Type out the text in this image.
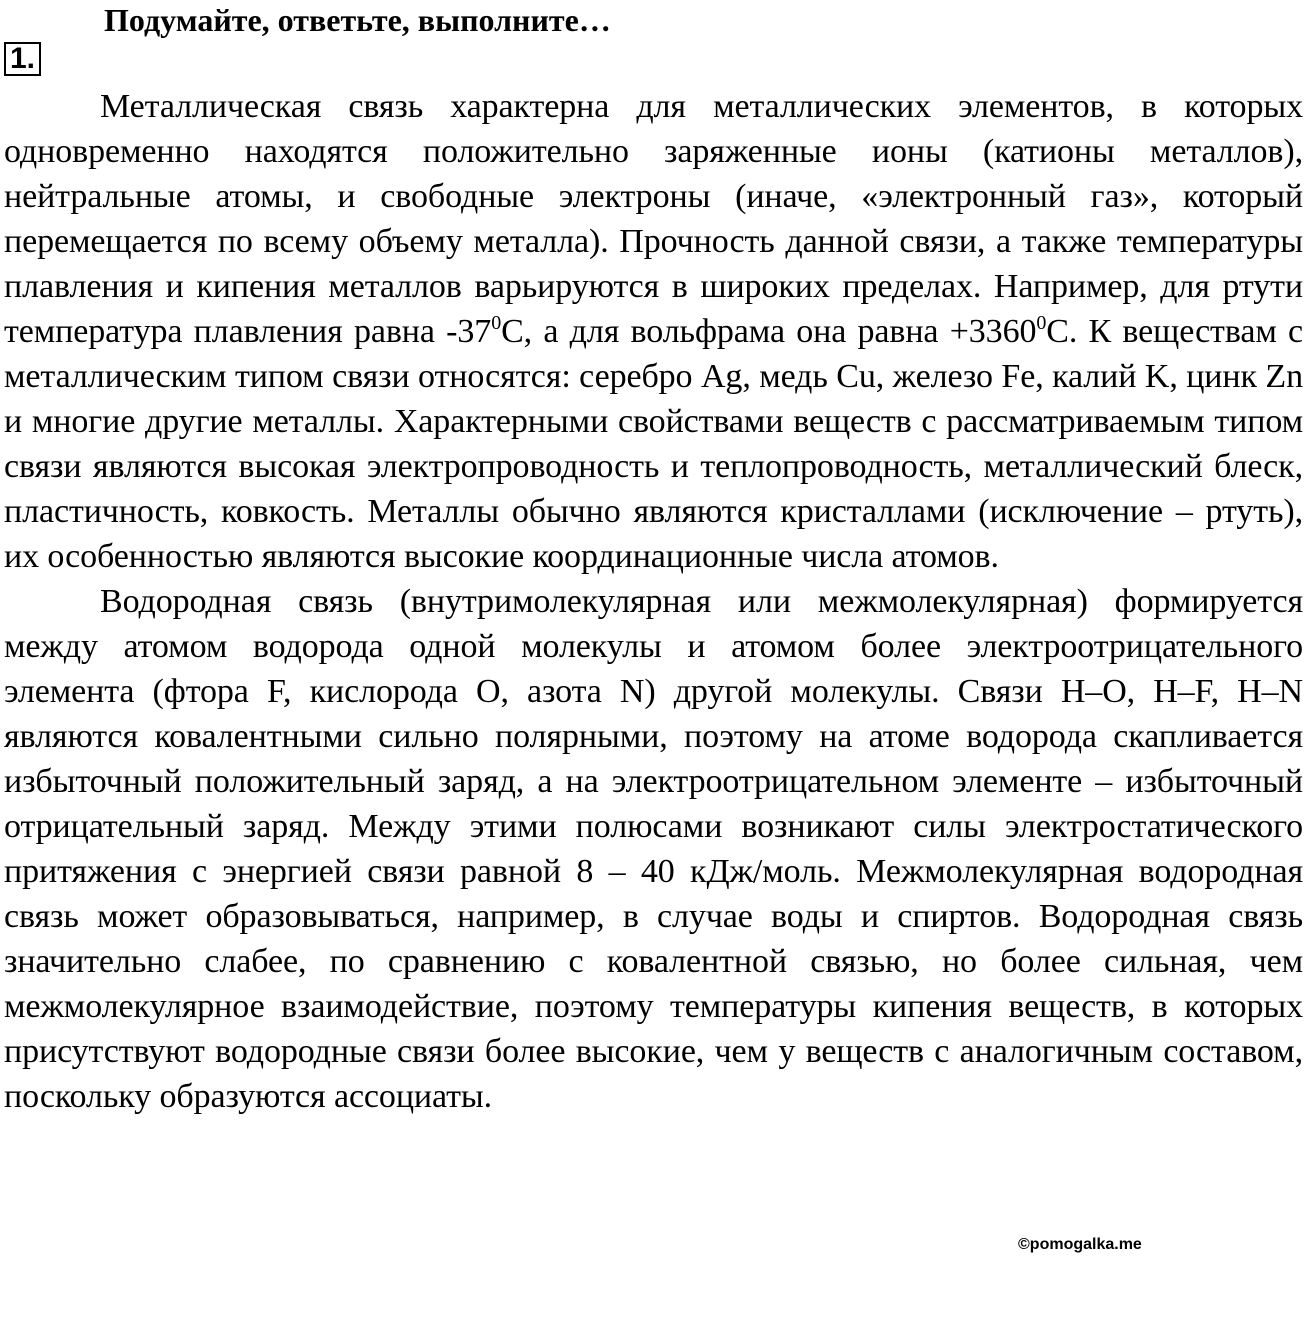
Подумайте, ответьте, выполните…
1.

Металлическая связь характерна для металлических элементов, в которых одновременно находятся положительно заряженные ионы (катионы металлов), нейтральные атомы, и свободные электроны (иначе, «электронный газ», который перемещается по всему объему металла). Прочность данной связи, а также температуры плавления и кипения металлов варьируются в широких пределах. Например, для ртути температура плавления равна $-37^0С$, а для вольфрама она равна $+3360^0С$. К веществам с металлическим типом связи относятся: серебро Ag, медь Cu, железо Fe, калий K, цинк Zn и многие другие металлы. Характерными свойствами веществ с рассматриваемым типом связи являются высокая электропроводность и теплопроводность, металлический блеск, пластичность, ковкость. Металлы обычно являются кристаллами (исключение – ртуть), их особенностью являются высокие координационные числа атомов.

Водородная связь (внутримолекулярная или межмолекулярная) формируется между атомом водорода одной молекулы и атомом более электроотрицательного элемента (фтора F, кислорода O, азота N) другой молекулы. Связи H–O, H–F, H–N являются ковалентными сильно полярными, поэтому на атоме водорода скапливается избыточный положительный заряд, а на электроотрицательном элементе – избыточный отрицательный заряд. Между этими полюсами возникают силы электростатического притяжения с энергией связи равной 8 – 40 кДж/моль. Межмолекулярная водородная связь может образовываться, например, в случае воды и спиртов. Водородная связь значительно слабее, по сравнению с ковалентной связью, но более сильная, чем межмолекулярное взаимодействие, поэтому температуры кипения веществ, в которых присутствуют водородные связи более высокие, чем у веществ с аналогичным составом, поскольку образуются ассоциаты.

©pomogalka.me
